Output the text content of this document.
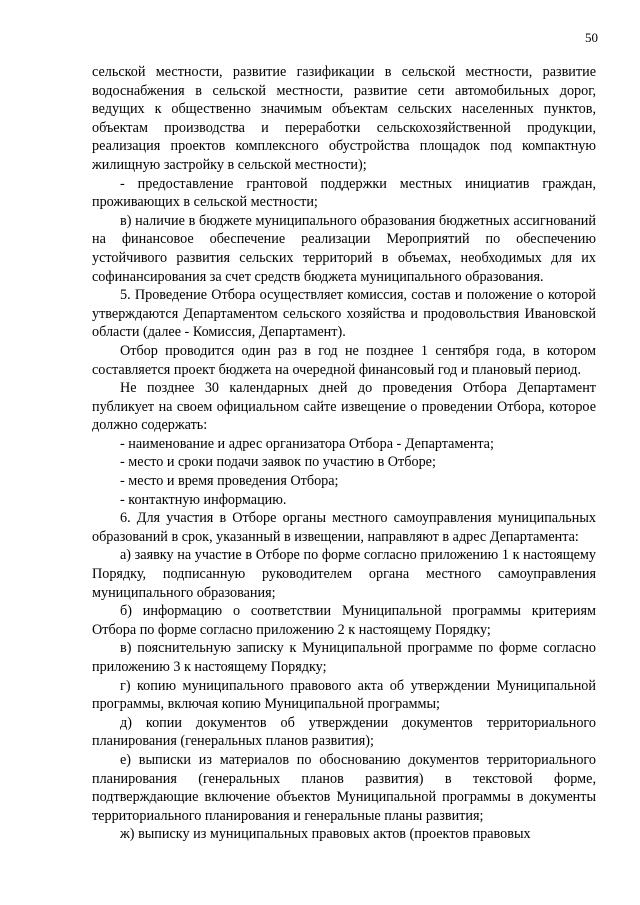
50

сельской местности, развитие газификации в сельской местности, развитие водоснабжения в сельской местности, развитие сети автомобильных дорог, ведущих к общественно значимым объектам сельских населенных пунктов, объектам производства и переработки сельскохозяйственной продукции, реализация проектов комплексного обустройства площадок под компактную жилищную застройку в сельской местности);

- предоставление грантовой поддержки местных инициатив граждан, проживающих в сельской местности;

в) наличие в бюджете муниципального образования бюджетных ассигнований на финансовое обеспечение реализации Мероприятий по обеспечению устойчивого развития сельских территорий в объемах, необходимых для их софинансирования за счет средств бюджета муниципального образования.

5. Проведение Отбора осуществляет комиссия, состав и положение о которой утверждаются Департаментом сельского хозяйства и продовольствия Ивановской области (далее - Комиссия, Департамент).

Отбор проводится один раз в год не позднее 1 сентября года, в котором составляется проект бюджета на очередной финансовый год и плановый период.

Не позднее 30 календарных дней до проведения Отбора Департамент публикует на своем официальном сайте извещение о проведении Отбора, которое должно содержать:

- наименование и адрес организатора Отбора - Департамента;

- место и сроки подачи заявок по участию в Отборе;

- место и время проведения Отбора;

- контактную информацию.

6. Для участия в Отборе органы местного самоуправления муниципальных образований в срок, указанный в извещении, направляют в адрес Департамента:

а) заявку на участие в Отборе по форме согласно приложению 1 к настоящему Порядку, подписанную руководителем органа местного самоуправления муниципального образования;

б) информацию о соответствии Муниципальной программы критериям Отбора по форме согласно приложению 2 к настоящему Порядку;

в) пояснительную записку к Муниципальной программе по форме согласно приложению 3 к настоящему Порядку;

г) копию муниципального правового акта об утверждении Муниципальной программы, включая копию Муниципальной программы;

д) копии документов об утверждении документов территориального планирования (генеральных планов развития);

е) выписки из материалов по обоснованию документов территориального планирования (генеральных планов развития) в текстовой форме, подтверждающие включение объектов Муниципальной программы в документы территориального планирования и генеральные планы развития;

ж) выписку из муниципальных правовых актов (проектов правовых
